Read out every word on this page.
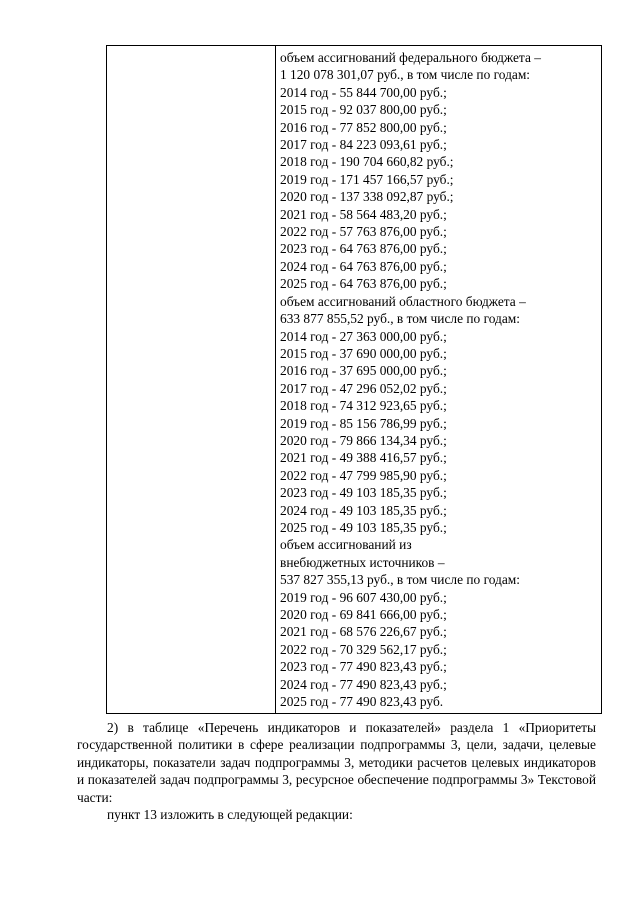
объем ассигнований федерального бюджета –
1 120 078 301,07 руб., в том числе по годам:
2014 год - 55 844 700,00 руб.;
2015 год - 92 037 800,00 руб.;
2016 год - 77 852 800,00 руб.;
2017 год - 84 223 093,61 руб.;
2018 год - 190 704 660,82 руб.;
2019 год - 171 457 166,57 руб.;
2020 год - 137 338 092,87 руб.;
2021 год - 58 564 483,20 руб.;
2022 год - 57 763 876,00 руб.;
2023 год - 64 763 876,00 руб.;
2024 год - 64 763 876,00 руб.;
2025 год - 64 763 876,00 руб.;
объем ассигнований областного бюджета –
633 877 855,52 руб., в том числе по годам:
2014 год - 27 363 000,00 руб.;
2015 год - 37 690 000,00 руб.;
2016 год - 37 695 000,00 руб.;
2017 год - 47 296 052,02 руб.;
2018 год - 74 312 923,65 руб.;
2019 год - 85 156 786,99 руб.;
2020 год - 79 866 134,34 руб.;
2021 год - 49 388 416,57 руб.;
2022 год - 47 799 985,90 руб.;
2023 год - 49 103 185,35 руб.;
2024 год - 49 103 185,35 руб.;
2025 год - 49 103 185,35 руб.;
объем ассигнований из
внебюджетных источников –
537 827 355,13 руб., в том числе по годам:
2019 год - 96 607 430,00 руб.;
2020 год - 69 841 666,00 руб.;
2021 год - 68 576 226,67 руб.;
2022 год - 70 329 562,17 руб.;
2023 год - 77 490 823,43 руб.;
2024 год - 77 490 823,43 руб.;
2025 год - 77 490 823,43 руб.
2) в таблице «Перечень индикаторов и показателей» раздела 1 «Приоритеты государственной политики в сфере реализации подпрограммы 3, цели, задачи, целевые индикаторы, показатели задач подпрограммы 3, методики расчетов целевых индикаторов и показателей задач подпрограммы 3, ресурсное обеспечение подпрограммы 3» Текстовой части:
пункт 13 изложить в следующей редакции:
